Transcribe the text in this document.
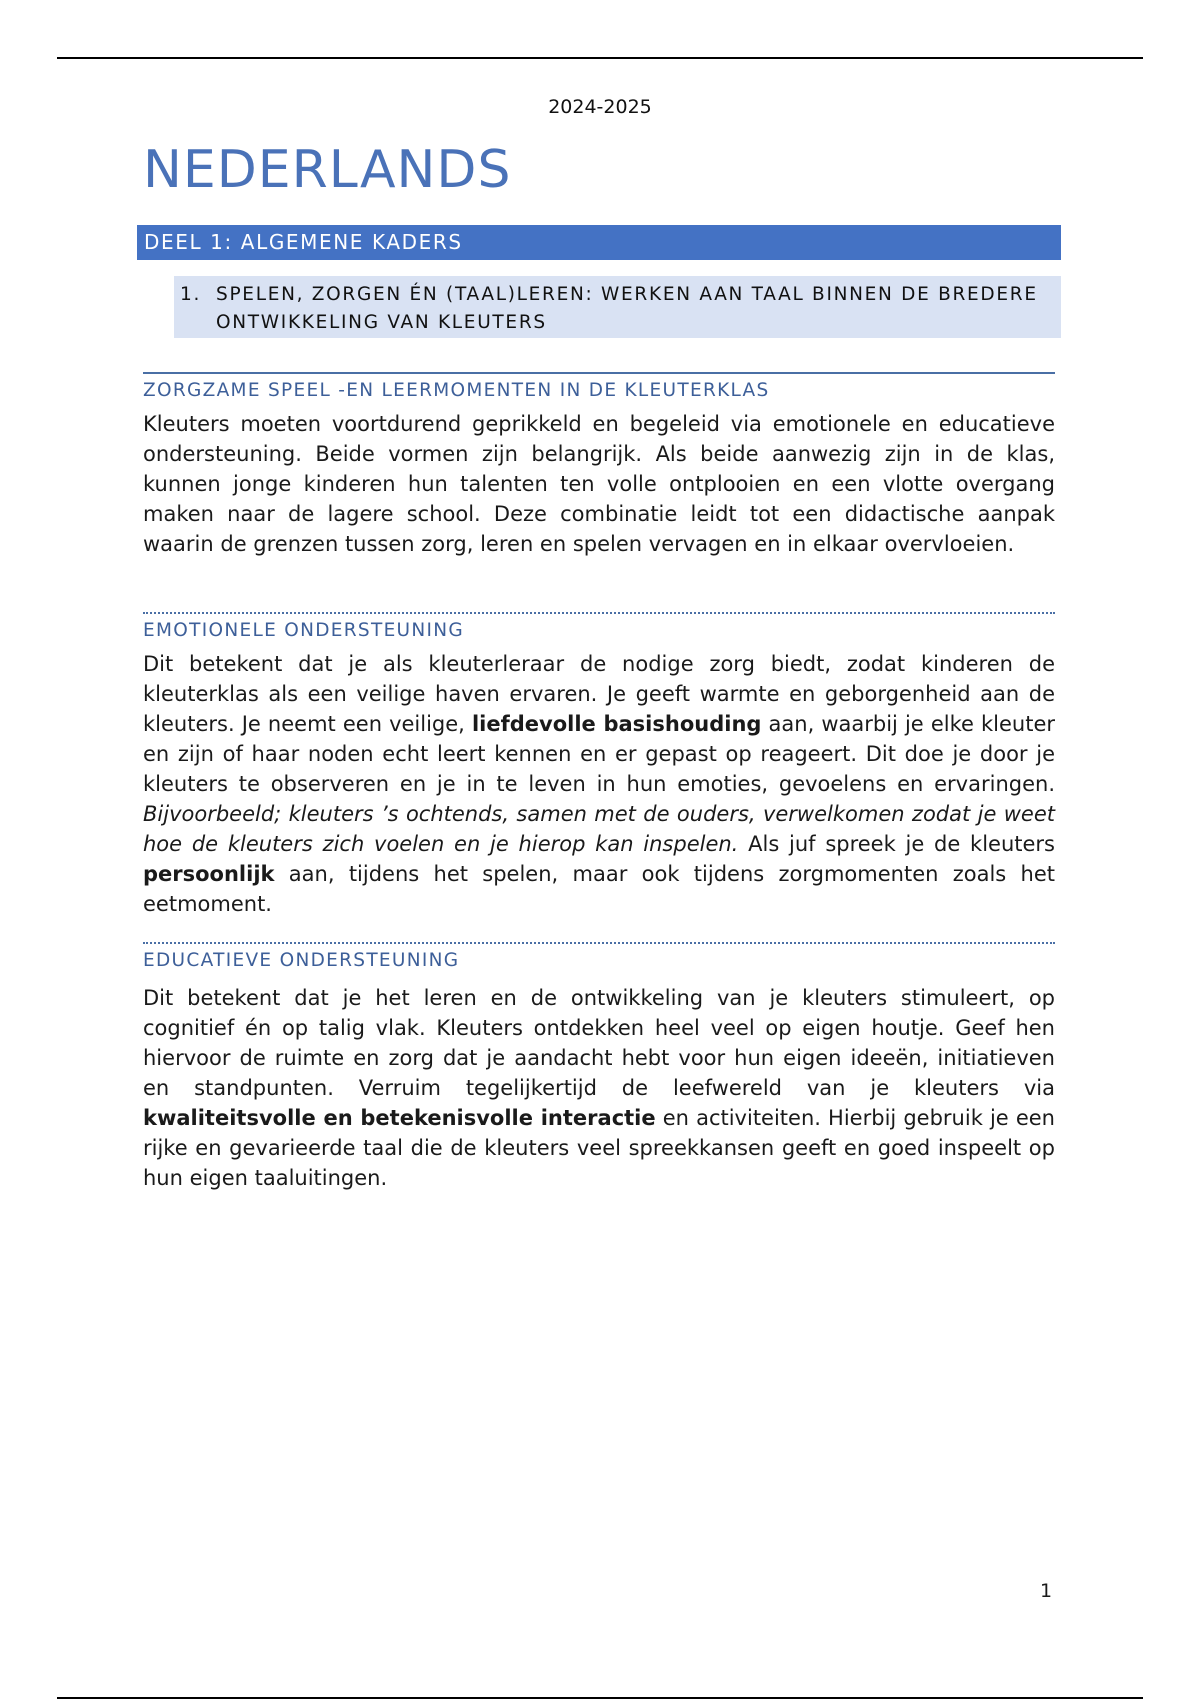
2024-2025
NEDERLANDS
DEEL 1: ALGEMENE KADERS
1. SPELEN, ZORGEN ÉN (TAAL)LEREN: WERKEN AAN TAAL BINNEN DE BREDERE ONTWIKKELING VAN KLEUTERS
ZORGZAME SPEEL -EN LEERMOMENTEN IN DE KLEUTERKLAS
Kleuters moeten voortdurend geprikkeld en begeleid via emotionele en educatieve ondersteuning. Beide vormen zijn belangrijk. Als beide aanwezig zijn in de klas, kunnen jonge kinderen hun talenten ten volle ontplooien en een vlotte overgang maken naar de lagere school. Deze combinatie leidt tot een didactische aanpak waarin de grenzen tussen zorg, leren en spelen vervagen en in elkaar overvloeien.
EMOTIONELE ONDERSTEUNING
Dit betekent dat je als kleuterleraar de nodige zorg biedt, zodat kinderen de kleuterklas als een veilige haven ervaren. Je geeft warmte en geborgenheid aan de kleuters. Je neemt een veilige, liefdevolle basishouding aan, waarbij je elke kleuter en zijn of haar noden echt leert kennen en er gepast op reageert. Dit doe je door je kleuters te observeren en je in te leven in hun emoties, gevoelens en ervaringen. Bijvoorbeeld; kleuters ’s ochtends, samen met de ouders, verwelkomen zodat je weet hoe de kleuters zich voelen en je hierop kan inspelen. Als juf spreek je de kleuters persoonlijk aan, tijdens het spelen, maar ook tijdens zorgmomenten zoals het eetmoment.
EDUCATIEVE ONDERSTEUNING
Dit betekent dat je het leren en de ontwikkeling van je kleuters stimuleert, op cognitief én op talig vlak. Kleuters ontdekken heel veel op eigen houtje. Geef hen hiervoor de ruimte en zorg dat je aandacht hebt voor hun eigen ideeën, initiatieven en standpunten. Verruim tegelijkertijd de leefwereld van je kleuters via kwaliteitsvolle en betekenisvolle interactie en activiteiten. Hierbij gebruik je een rijke en gevarieerde taal die de kleuters veel spreekkansen geeft en goed inspeelt op hun eigen taaluitingen.
1
